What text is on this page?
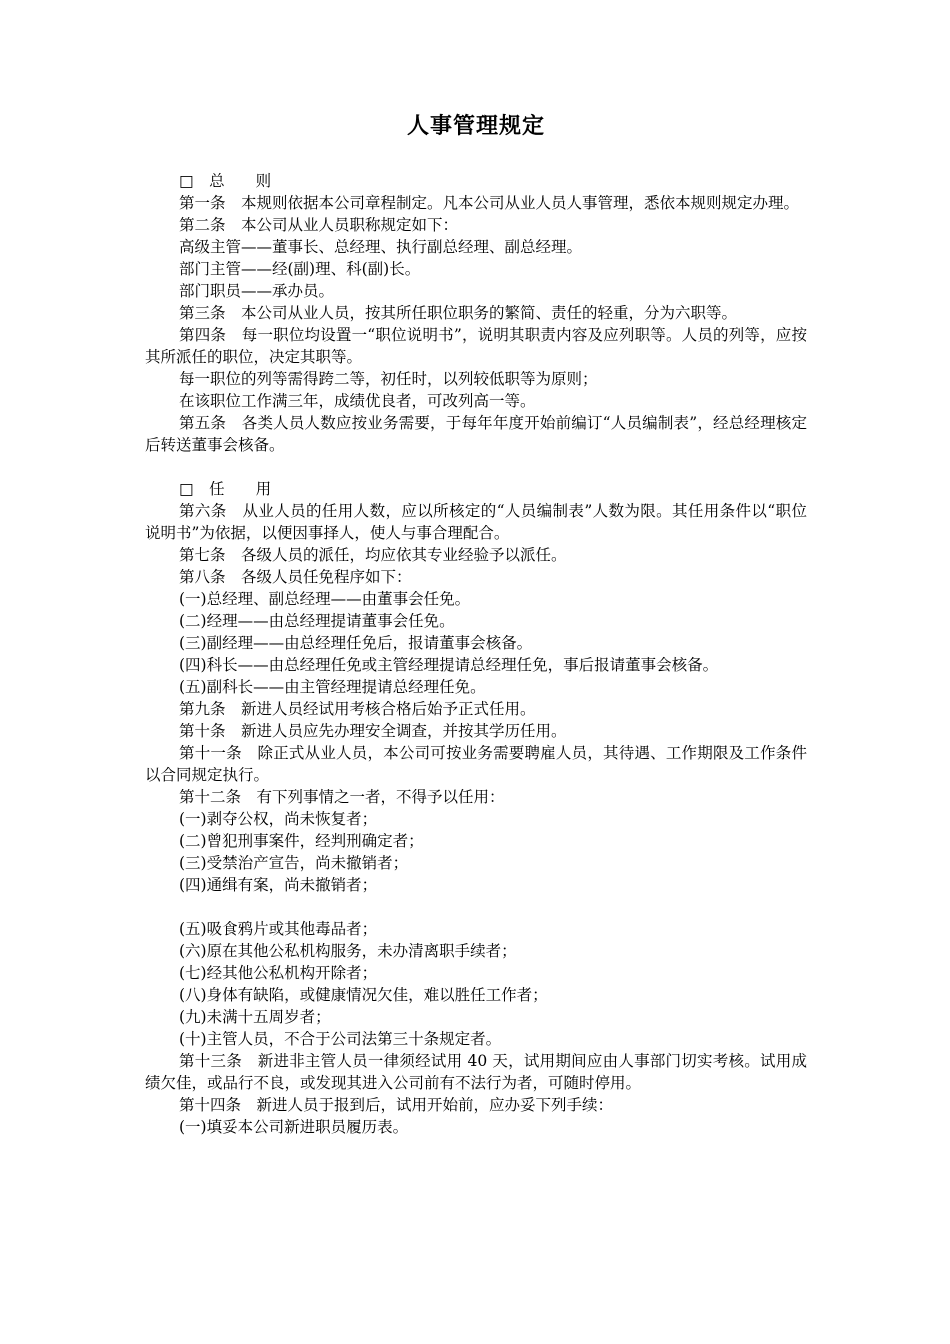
人事管理规定

□　总　　则

第一条　本规则依据本公司章程制定。凡本公司从业人员人事管理，悉依本规则规定办理。

第二条　本公司从业人员职称规定如下：

高级主管——董事长、总经理、执行副总经理、副总经理。

部门主管——经(副)理、科(副)长。

部门职员——承办员。

第三条　本公司从业人员，按其所任职位职务的繁简、责任的轻重，分为六职等。

第四条　每一职位均设置一“职位说明书”，说明其职责内容及应列职等。人员的列等，应按其所派任的职位，决定其职等。

每一职位的列等需得跨二等，初任时，以列较低职等为原则；

在该职位工作满三年，成绩优良者，可改列高一等。

第五条　各类人员人数应按业务需要，于每年年度开始前编订“人员编制表”，经总经理核定后转送董事会核备。

□　任　　用

第六条　从业人员的任用人数，应以所核定的“人员编制表”人数为限。其任用条件以“职位说明书”为依据，以便因事择人，使人与事合理配合。

第七条　各级人员的派任，均应依其专业经验予以派任。

第八条　各级人员任免程序如下：

(一)总经理、副总经理——由董事会任免。

(二)经理——由总经理提请董事会任免。

(三)副经理——由总经理任免后，报请董事会核备。

(四)科长——由总经理任免或主管经理提请总经理任免，事后报请董事会核备。

(五)副科长——由主管经理提请总经理任免。

第九条　新进人员经试用考核合格后始予正式任用。

第十条　新进人员应先办理安全调查，并按其学历任用。

第十一条　除正式从业人员，本公司可按业务需要聘雇人员，其待遇、工作期限及工作条件以合同规定执行。

第十二条　有下列事情之一者，不得予以任用：

(一)剥夺公权，尚未恢复者；

(二)曾犯刑事案件，经判刑确定者；

(三)受禁治产宣告，尚未撤销者；

(四)通缉有案，尚未撤销者；

(五)吸食鸦片或其他毒品者；

(六)原在其他公私机构服务，未办清离职手续者；

(七)经其他公私机构开除者；

(八)身体有缺陷，或健康情况欠佳，难以胜任工作者；

(九)未满十五周岁者；

(十)主管人员，不合于公司法第三十条规定者。

第十三条　新进非主管人员一律须经试用 40 天，试用期间应由人事部门切实考核。试用成绩欠佳，或品行不良，或发现其进入公司前有不法行为者，可随时停用。

第十四条　新进人员于报到后，试用开始前，应办妥下列手续：

(一)填妥本公司新进职员履历表。
